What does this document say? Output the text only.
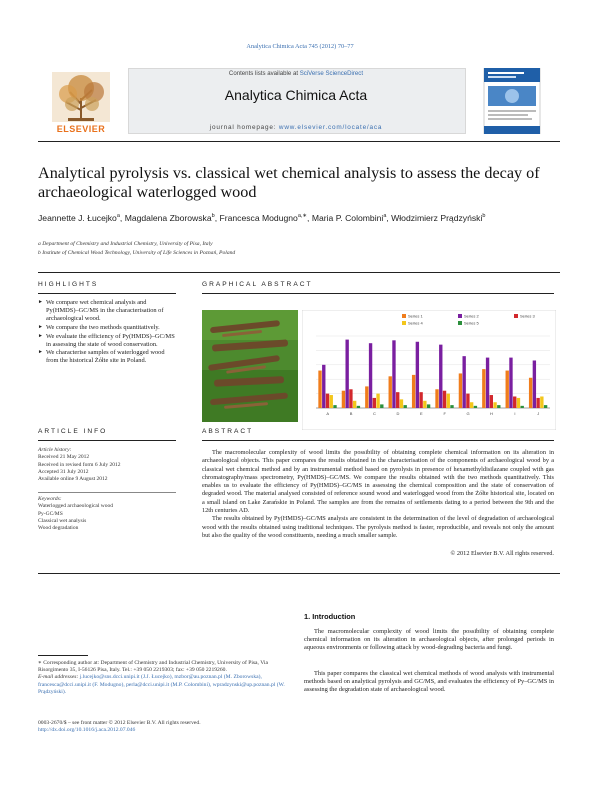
Analytica Chimica Acta 745 (2012) 70–77
ELSEVIER
Contents lists available at SciVerse ScienceDirect
Analytica Chimica Acta
journal homepage: www.elsevier.com/locate/aca
Analytical pyrolysis vs. classical wet chemical analysis to assess the decay of archaeological waterlogged wood
Jeannette J. Łucejko$^a$, Magdalena Zborowska$^b$, Francesca Modugno$^{a,∗}$, Maria P. Colombini$^a$, Włodzimierz Prądzyński$^b$
a Department of Chemistry and Industrial Chemistry, University of Pisa, Italy
b Institute of Chemical Wood Technology, University of Life Sciences in Poznań, Poland
HIGHLIGHTS
► We compare wet chemical analysis and Py(HMDS)–GC/MS in the characterisation of archaeological wood.
► We compare the two methods quantitatively.
► We evaluate the efficiency of Py(HMDS)–GC/MS in assessing the state of wood conservation.
► We characterise samples of waterlogged wood from the historical Żółte site in Poland.
GRAPHICAL ABSTRACT
A	B	C	D	E	F	G	H	I	J
Series 1	Series 2	Series 3
Series 4	Series 5
ARTICLE INFO
Article history:
Received 21 May 2012
Received in revised form 6 July 2012
Accepted 31 July 2012
Available online 9 August 2012
Keywords:
Waterlogged archaeological wood
Py-GC/MS
Classical wet analysis
Wood degradation
ABSTRACT
The macromolecular complexity of wood limits the possibility of obtaining complete chemical information on its alteration in archaeological objects. This paper compares the results obtained in the characterisation of the components of archaeological wood by a classical wet chemical method and by an instrumental method based on pyrolysis in presence of hexamethyldisilazane coupled with gas chromatography/mass spectrometry, Py(HMDS)–GC/MS. We compare the results obtained with the two methods quantitatively. This enables us to evaluate the efficiency of Py(HMDS)–GC/MS in assessing the chemical composition and the state of conservation of degraded wood. The material analysed consisted of reference sound wood and waterlogged wood from the Żółte historical site, located on a small island on Lake Zarańskie in Poland. The samples are from the remains of settlements dating to a period between the 9th and the 12th centuries AD.
The results obtained by Py(HMDS)–GC/MS analysis are consistent in the determination of the level of degradation of archaeological wood with the results obtained using traditional techniques. The pyrolysis method is faster, reproducible, and reveals not only the amount but also the quality of the wood constituents, needing a much smaller sample.
© 2012 Elsevier B.V. All rights reserved.
1. Introduction
The macromolecular complexity of wood limits the possibility of obtaining complete chemical information on its alteration in archaeological objects, after prolonged periods in aqueous environments or following attack by wood-degrading bacteria and fungi.
This paper compares the classical wet chemical methods of wood analysis with instrumental methods based on analytical pyrolysis and GC/MS, and evaluates the efficiency of Py–GC/MS in assessing the degradation state of archaeological wood.
∗ Corresponding author at: Department of Chemistry and Industrial Chemistry, University of Pisa, Via Risorgimento 35, I-56126 Pisa, Italy. Tel.: +39 050 2219303; fax: +39 050 2219260.
E-mail addresses: j.lucejko@sns.dcci.unipi.it (J.J. Łucejko), mzbor@au.poznan.pl (M. Zborowska), francesca@dcci.unipi.it (F. Modugno), perla@dcci.unipi.it (M.P. Colombini), wpradzynski@up.poznan.pl (W. Prądzyński).
0003-2670/$ – see front matter © 2012 Elsevier B.V. All rights reserved.
http://dx.doi.org/10.1016/j.aca.2012.07.046
